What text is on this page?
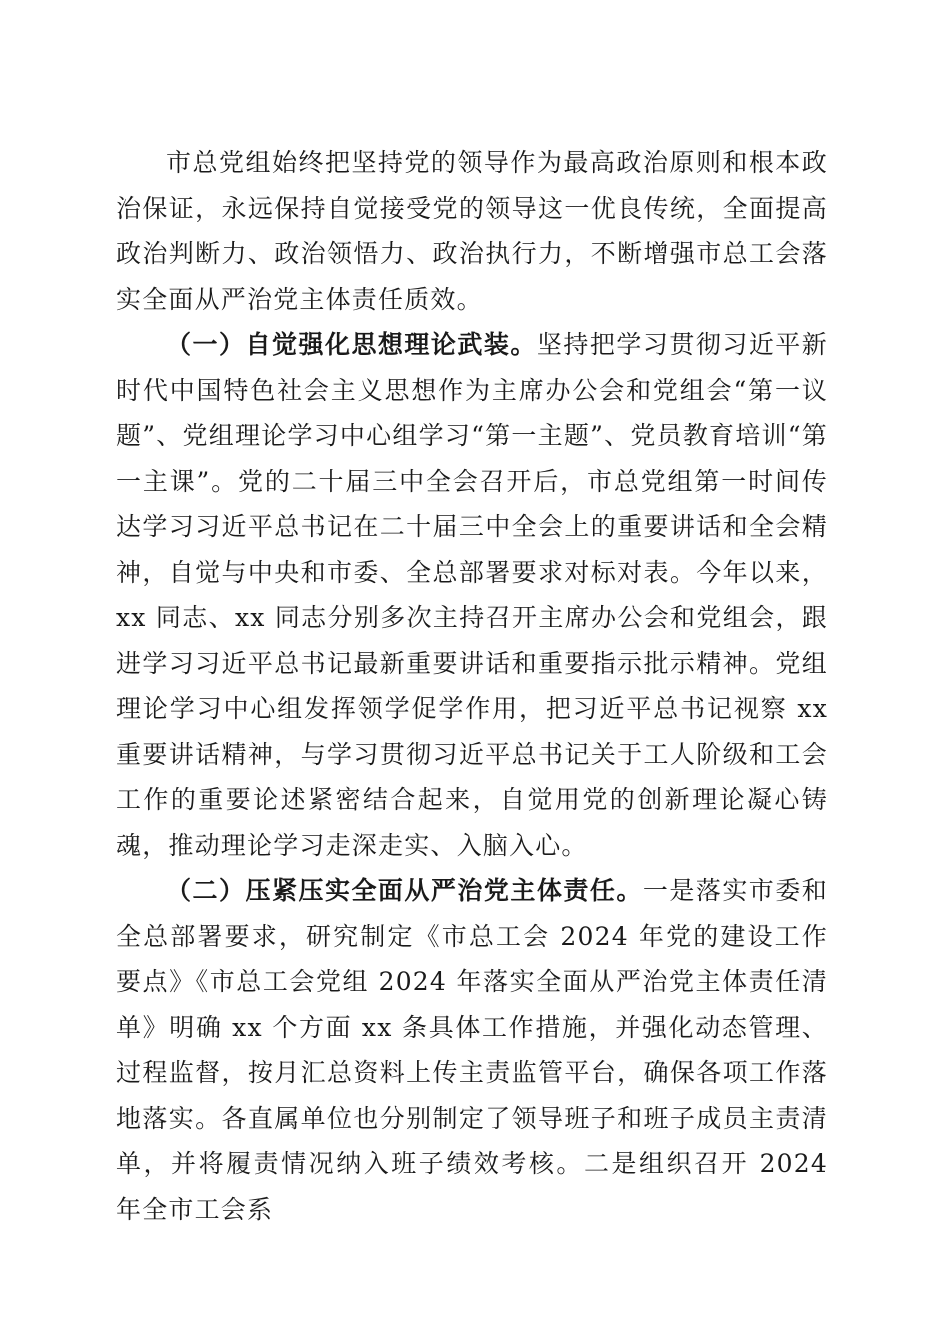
市总党组始终把坚持党的领导作为最高政治原则和根本政治保证，永远保持自觉接受党的领导这一优良传统，全面提高政治判断力、政治领悟力、政治执行力，不断增强市总工会落实全面从严治党主体责任质效。

（一）自觉强化思想理论武装。坚持把学习贯彻习近平新时代中国特色社会主义思想作为主席办公会和党组会“第一议题”、党组理论学习中心组学习“第一主题”、党员教育培训“第一主课”。党的二十届三中全会召开后，市总党组第一时间传达学习习近平总书记在二十届三中全会上的重要讲话和全会精神，自觉与中央和市委、全总部署要求对标对表。今年以来，xx 同志、xx 同志分别多次主持召开主席办公会和党组会，跟进学习习近平总书记最新重要讲话和重要指示批示精神。党组理论学习中心组发挥领学促学作用，把习近平总书记视察 xx 重要讲话精神，与学习贯彻习近平总书记关于工人阶级和工会工作的重要论述紧密结合起来，自觉用党的创新理论凝心铸魂，推动理论学习走深走实、入脑入心。

（二）压紧压实全面从严治党主体责任。一是落实市委和全总部署要求，研究制定《市总工会 2024 年党的建设工作要点》《市总工会党组 2024 年落实全面从严治党主体责任清单》明确 xx 个方面 xx 条具体工作措施，并强化动态管理、过程监督，按月汇总资料上传主责监管平台，确保各项工作落地落实。各直属单位也分别制定了领导班子和班子成员主责清单，并将履责情况纳入班子绩效考核。二是组织召开 2024 年全市工会系
